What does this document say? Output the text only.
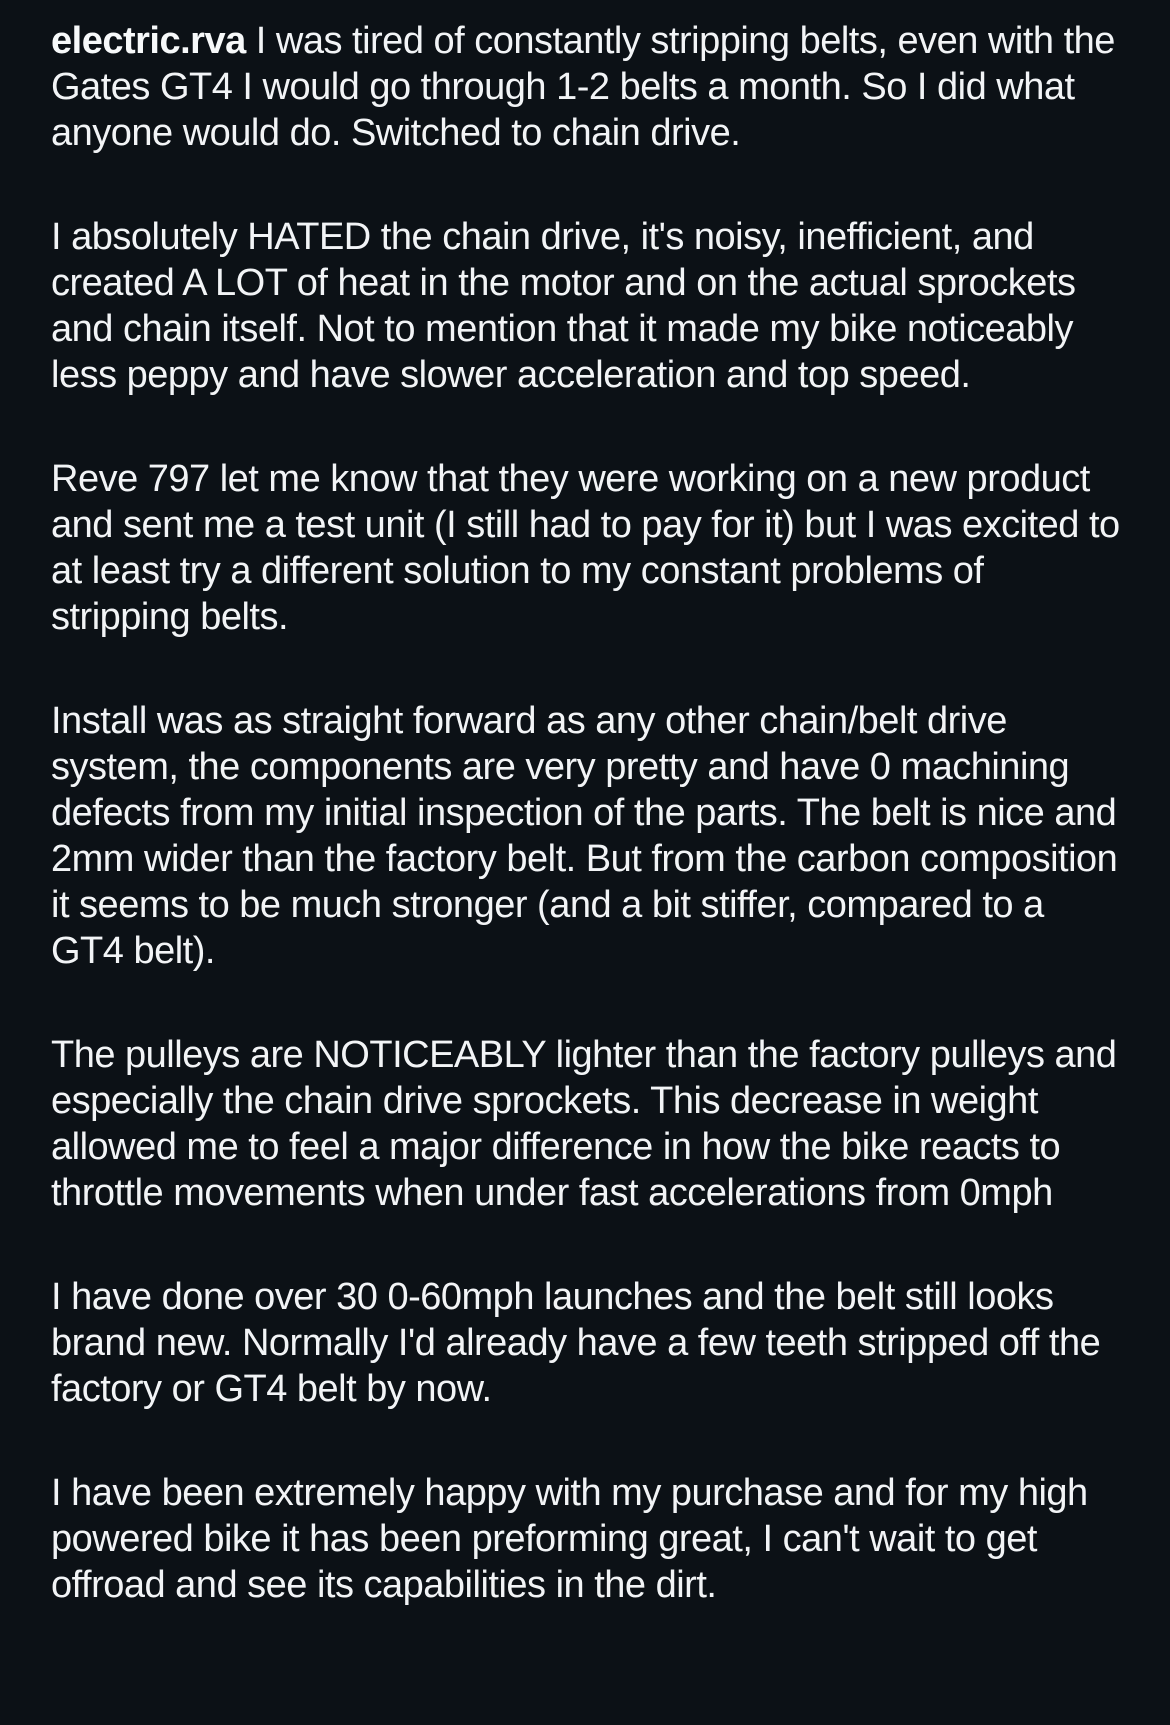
electric.rva I was tired of constantly stripping belts, even with the Gates GT4 I would go through 1-2 belts a month. So I did what anyone would do. Switched to chain drive.

I absolutely HATED the chain drive, it's noisy, inefficient, and created A LOT of heat in the motor and on the actual sprockets and chain itself. Not to mention that it made my bike noticeably less peppy and have slower acceleration and top speed.

Reve 797 let me know that they were working on a new product and sent me a test unit (I still had to pay for it) but I was excited to at least try a different solution to my constant problems of stripping belts.

Install was as straight forward as any other chain/belt drive system, the components are very pretty and have 0 machining defects from my initial inspection of the parts. The belt is nice and 2mm wider than the factory belt. But from the carbon composition it seems to be much stronger (and a bit stiffer, compared to a GT4 belt).

The pulleys are NOTICEABLY lighter than the factory pulleys and especially the chain drive sprockets. This decrease in weight allowed me to feel a major difference in how the bike reacts to throttle movements when under fast accelerations from 0mph

I have done over 30 0-60mph launches and the belt still looks brand new. Normally I'd already have a few teeth stripped off the factory or GT4 belt by now.

I have been extremely happy with my purchase and for my high powered bike it has been preforming great, I can't wait to get offroad and see its capabilities in the dirt.
